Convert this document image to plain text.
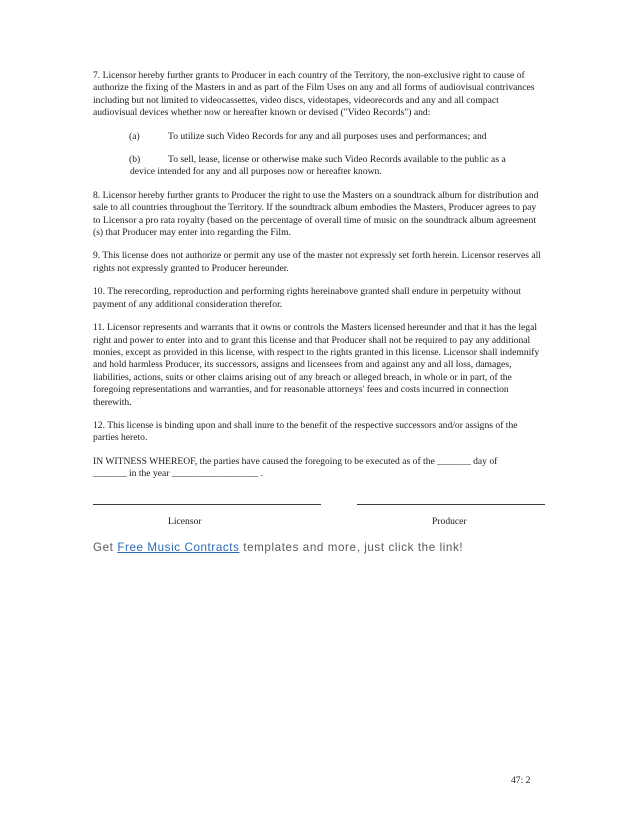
7. Licensor hereby further grants to Producer in each country of the Territory, the non-exclusive right to cause of authorize the fixing of the Masters in and as part of the Film Uses on any and all forms of audiovisual contrivances including but not limited to videocassettes, video discs, videotapes, videorecords and any and all compact audiovisual devices whether now or hereafter known or devised ("Video Records") and:

(a)	To utilize such Video Records for any and all purposes uses and performances; and
(b)	To sell, lease, license or otherwise make such Video Records available to the public as a
device intended for any and all purposes now or hereafter known.

8. Licensor hereby further grants to Producer the right to use the Masters on a soundtrack album for distribution and sale to all countries throughout the Territory. If the soundtrack album embodies the Masters, Producer agrees to pay to Licensor a pro rata royalty (based on the percentage of overall time of music on the soundtrack album agreement (s) that Producer may enter into regarding the Film.

9. This license does not authorize or permit any use of the master not expressly set forth herein. Licensor reserves all rights not expressly granted to Producer hereunder.

10. The rerecording, reproduction and performing rights hereinabove granted shall endure in perpetuity without payment of any additional consideration therefor.

11. Licensor represents and warrants that it owns or controls the Masters licensed hereunder and that it has the legal right and power to enter into and to grant this license and that Producer shall not be required to pay any additional monies, except as provided in this license, with respect to the rights granted in this license. Licensor shall indemnify and hold harmless Producer, its successors, assigns and licensees from and against any and all loss, damages, liabilities, actions, suits or other claims arising out of any breach or alleged breach, in whole or in part, of the foregoing representations and warranties, and for reasonable attorneys' fees and costs incurred in connection therewith.

12. This license is binding upon and shall inure to the benefit of the respective successors and/or assigns of the parties hereto.

IN WITNESS WHEREOF, the parties have caused the foregoing to be executed as of the _______ day of
_______ in the year __________________ .
Licensor	Producer
Get Free Music Contracts templates and more, just click the link!
47: 2
